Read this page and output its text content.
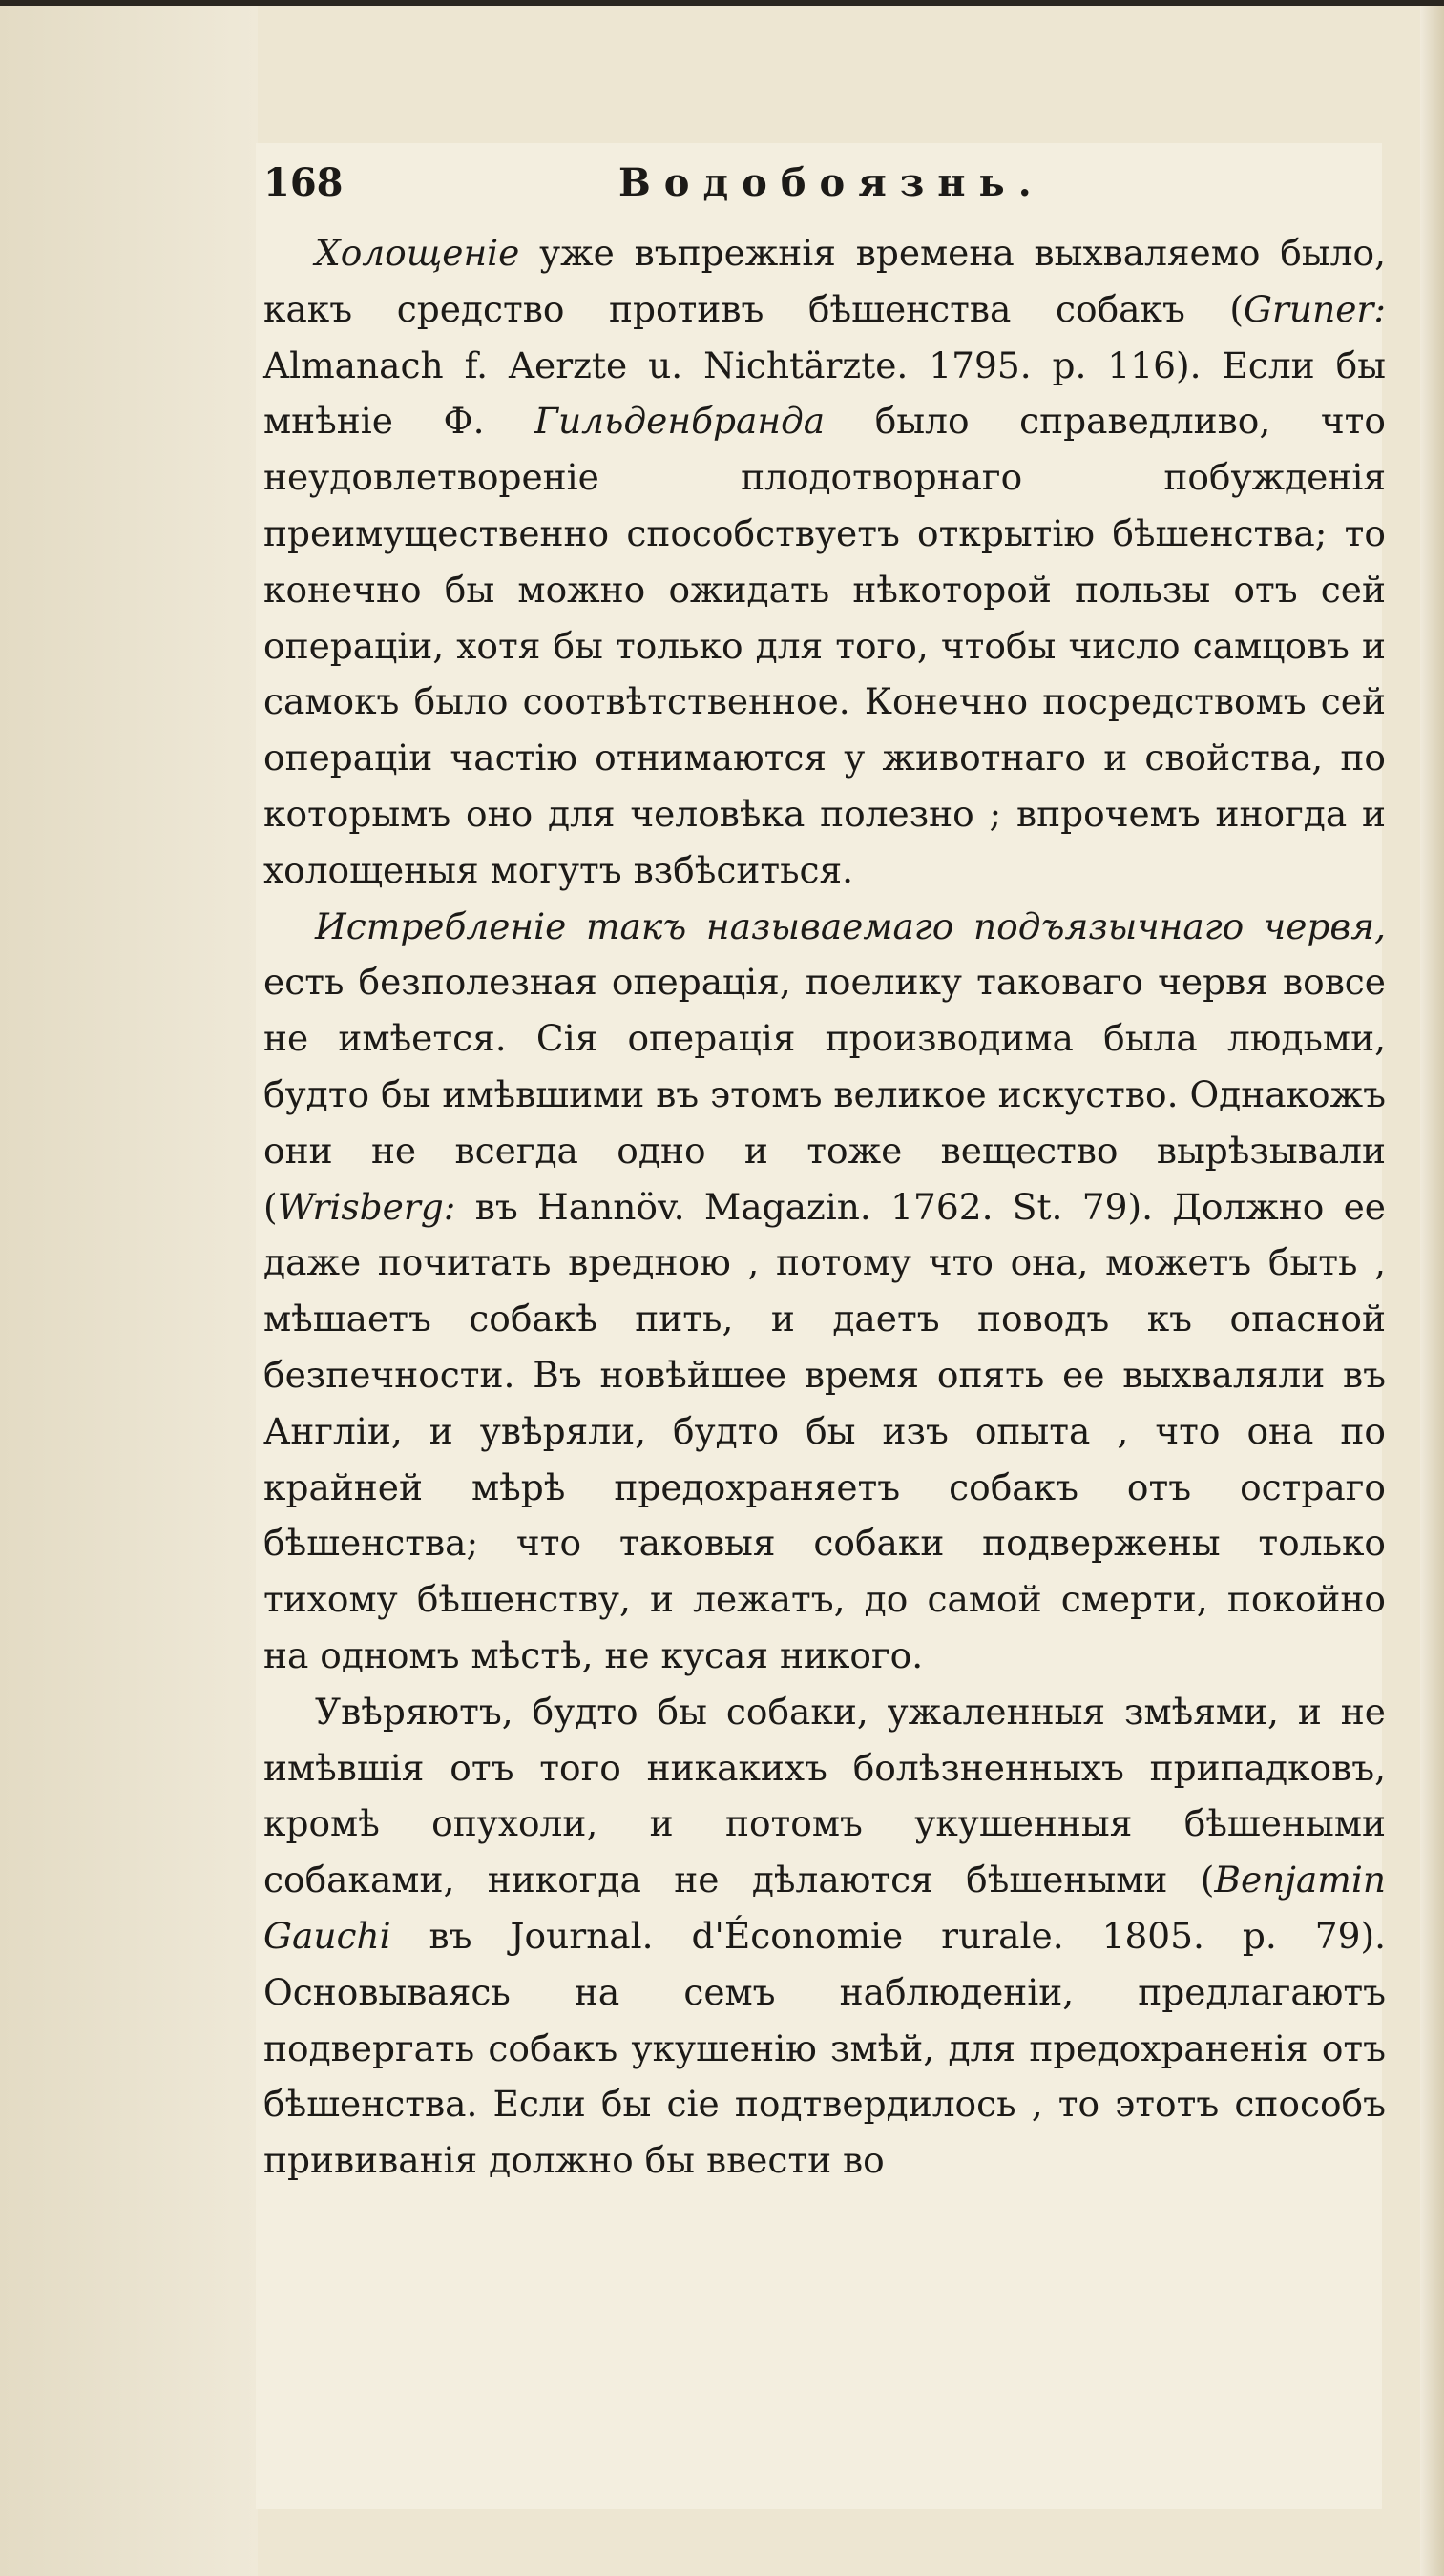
168	Водобоязнь.

Холощеніе уже въпрежнія времена выхваляемо было, какъ средство противъ бѣшенства собакъ (Gruner: Almanach f. Aerzte u. Nichtärzte. 1795. p. 116). Если бы мнѣніе Ф. Гильденбранда было справедливо, что неудовлетвореніе плодотворнаго побужденія преимущественно способствуетъ открытію бѣшенства; то конечно бы можно ожидать нѣкоторой пользы отъ сей операціи, хотя бы только для того, чтобы число самцовъ и самокъ было соотвѣтственное. Конечно посредствомъ сей операціи частію отнимаются у животнаго и свойства, по которымъ оно для человѣка полезно ; впрочемъ иногда и холощеныя могутъ взбѣситься.

Истребленіе такъ называемаго подъязычнаго червя, есть безполезная операція, поелику таковаго червя вовсе не имѣется. Сія операція производима была людьми, будто бы имѣвшими въ этомъ великое искуство. Однакожъ они не всегда одно и тоже вещество вырѣзывали (Wrisberg: въ Hannöv. Magazin. 1762. St. 79). Должно ее даже почитать вредною , потому что она, можетъ быть , мѣшаетъ собакѣ пить, и даетъ поводъ къ опасной безпечности. Въ новѣйшее время опять ее выхваляли въ Англіи, и увѣряли, будто бы изъ опыта , что она по крайней мѣрѣ предохраняетъ собакъ отъ остраго бѣшенства; что таковыя собаки подвержены только тихому бѣшенству, и лежатъ, до самой смерти, покойно на одномъ мѣстѣ, не кусая никого.

Увѣряютъ, будто бы собаки, ужаленныя змѣями, и не имѣвшія отъ того никакихъ болѣзненныхъ припадковъ, кромѣ опухоли, и потомъ укушенныя бѣшеными собаками, никогда не дѣлаются бѣшеными (Benjamin Gauchi въ Journal. d'Économie rurale. 1805. p. 79). Основываясь на семъ наблюденіи, предлагаютъ подвергать собакъ укушенію змѣй, для предохраненія отъ бѣшенства. Если бы сіе подтвердилось , то этотъ способъ прививанія должно бы ввести во
